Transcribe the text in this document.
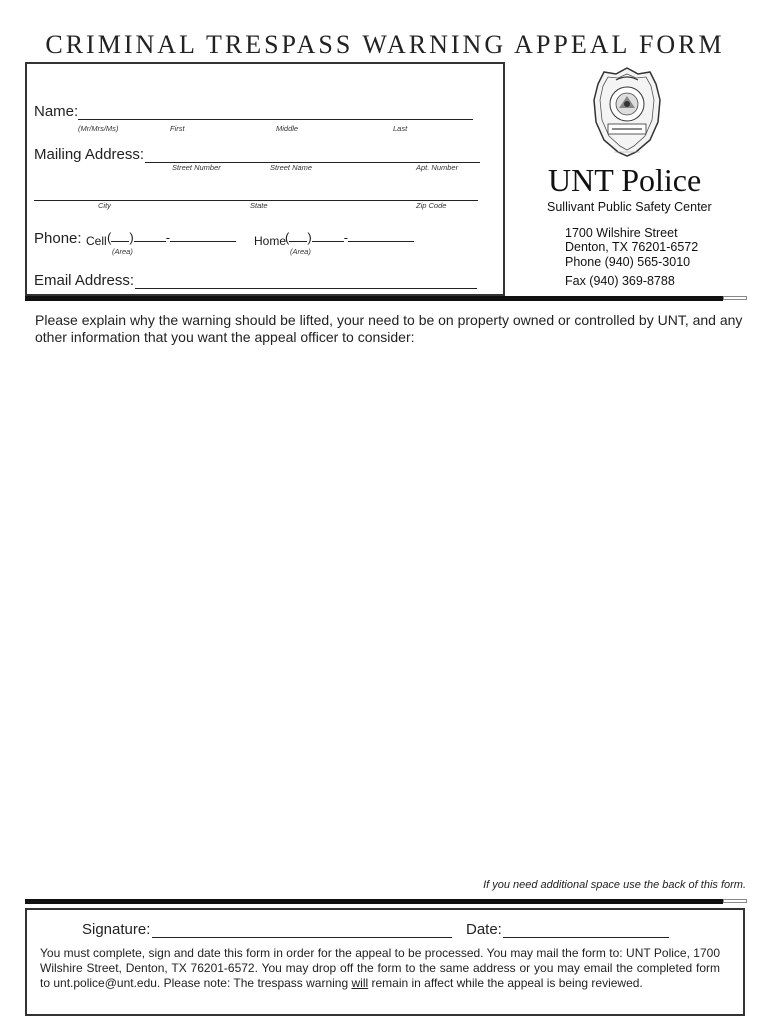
CRIMINAL TRESPASS WARNING APPEAL FORM
Name:
(Mr/Mrs/Ms)	First	Middle	Last
Mailing Address:
Street Number	Street Name	Apt. Number
City	State	Zip Code
Phone: Cell ( ) -
(Area)
Home
( ) -
(Area)
Email Address:
UNT Police
Sullivant Public Safety Center
1700 Wilshire Street
Denton, TX 76201-6572
Phone (940) 565-3010
Fax (940) 369-8788
Please explain why the warning should be lifted, your need to be on property owned or controlled by UNT, and any other information that you want the appeal officer to consider:
If you need additional space use the back of this form.
Signature:	Date:
You must complete, sign and date this form in order for the appeal to be processed. You may mail the form to: UNT Police, 1700 Wilshire Street, Denton, TX 76201-6572. You may drop off the form to the same address or you may email the completed form to unt.police@unt.edu. Please note: The trespass warning will remain in affect while the appeal is being reviewed.
